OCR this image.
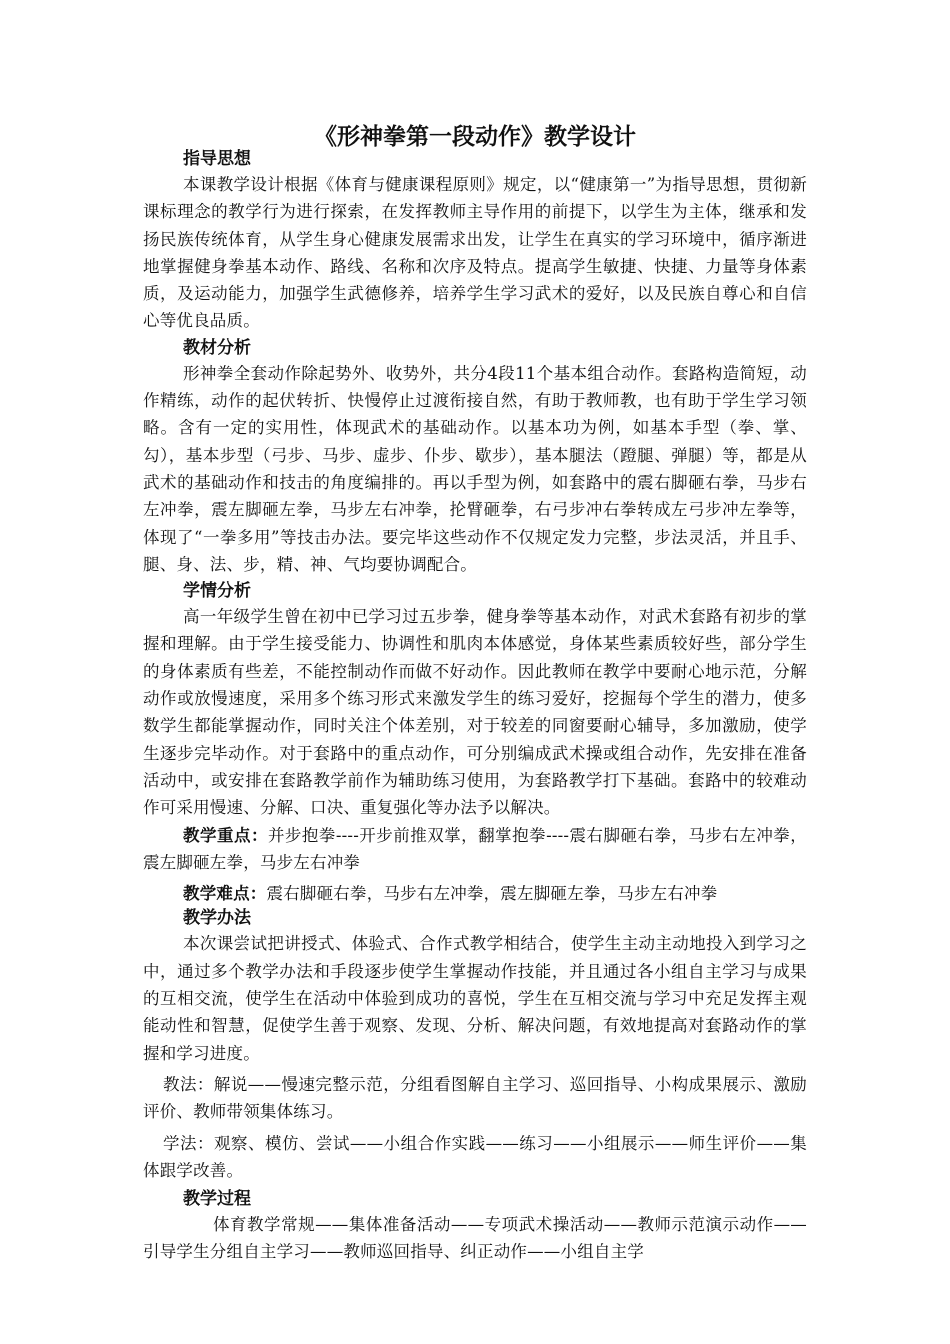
《形神拳第一段动作》教学设计
指导思想

本课教学设计根据《体育与健康课程原则》规定，以“健康第一”为指导思想，贯彻新课标理念的教学行为进行探索，在发挥教师主导作用的前提下，以学生为主体，继承和发扬民族传统体育，从学生身心健康发展需求出发，让学生在真实的学习环境中，循序渐进地掌握健身拳基本动作、路线、名称和次序及特点。提高学生敏捷、快捷、力量等身体素质，及运动能力，加强学生武德修养，培养学生学习武术的爱好，以及民族自尊心和自信心等优良品质。

教材分析

形神拳全套动作除起势外、收势外，共分4段11个基本组合动作。套路构造简短，动作精练，动作的起伏转折、快慢停止过渡衔接自然，有助于教师教，也有助于学生学习领略。含有一定的实用性，体现武术的基础动作。以基本功为例，如基本手型（拳、掌、勾），基本步型（弓步、马步、虚步、仆步、歇步），基本腿法（蹬腿、弹腿）等，都是从武术的基础动作和技击的角度编排的。再以手型为例，如套路中的震右脚砸右拳，马步右左冲拳，震左脚砸左拳，马步左右冲拳，抡臂砸拳，右弓步冲右拳转成左弓步冲左拳等，体现了“一拳多用”等技击办法。要完毕这些动作不仅规定发力完整，步法灵活，并且手、腿、身、法、步，精、神、气均要协调配合。

学情分析

高一年级学生曾在初中已学习过五步拳，健身拳等基本动作，对武术套路有初步的掌握和理解。由于学生接受能力、协调性和肌肉本体感觉，身体某些素质较好些，部分学生的身体素质有些差，不能控制动作而做不好动作。因此教师在教学中要耐心地示范，分解动作或放慢速度，采用多个练习形式来激发学生的练习爱好，挖掘每个学生的潜力，使多数学生都能掌握动作，同时关注个体差别，对于较差的同窗要耐心辅导，多加激励，使学生逐步完毕动作。对于套路中的重点动作，可分别编成武术操或组合动作，先安排在准备活动中，或安排在套路教学前作为辅助练习使用，为套路教学打下基础。套路中的较难动作可采用慢速、分解、口决、重复强化等办法予以解决。

教学重点：并步抱拳----开步前推双掌，翻掌抱拳----震右脚砸右拳，马步右左冲拳，震左脚砸左拳，马步左右冲拳

教学难点：震右脚砸右拳，马步右左冲拳，震左脚砸左拳，马步左右冲拳

教学办法

本次课尝试把讲授式、体验式、合作式教学相结合，使学生主动主动地投入到学习之中，通过多个教学办法和手段逐步使学生掌握动作技能，并且通过各小组自主学习与成果的互相交流，使学生在活动中体验到成功的喜悦，学生在互相交流与学习中充足发挥主观能动性和智慧，促使学生善于观察、发现、分析、解决问题，有效地提高对套路动作的掌握和学习进度。

教法：解说——慢速完整示范，分组看图解自主学习、巡回指导、小构成果展示、激励评价、教师带领集体练习。

学法：观察、模仿、尝试——小组合作实践——练习——小组展示——师生评价——集体跟学改善。

教学过程

体育教学常规——集体准备活动——专项武术操活动——教师示范演示动作——引导学生分组自主学习——教师巡回指导、纠正动作——小组自主学
